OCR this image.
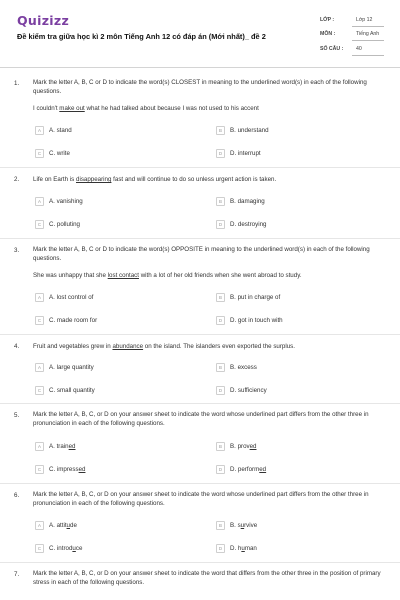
Quizizz
Đề kiểm tra giữa học kì 2 môn Tiếng Anh 12 có đáp án (Mới nhất)_ đề 2
LỚP :	Lớp 12
MÔN :	Tiếng Anh
SỐ CÂU : 40
1. Mark the letter A, B, C or D to indicate the word(s) CLOSEST in meaning to the underlined word(s) in each of the following questions.
I couldn't make out what he had talked about because I was not used to his accent
A	A. stand	B	B. understand
C	C. write	D	D. interrupt
2. Life on Earth is disappearing fast and will continue to do so unless urgent action is taken.
A	A. vanishing	B	B. damaging
C	C. polluting	D	D. destroying
3. Mark the letter A, B, C or D to indicate the word(s) OPPOSITE in meaning to the underlined word(s) in each of the following questions.
She was unhappy that she lost contact with a lot of her old friends when she went abroad to study.
A	A. lost control of	B	B. put in charge of
C	C. made room for	D	D. got in touch with
4. Fruit and vegetables grew in abundance on the island. The islanders even exported the surplus.
A	A. large quantity	B	B. excess
C	C. small quantity	D	D. sufficiency
5. Mark the letter A, B, C, or D on your answer sheet to indicate the word whose underlined part differs from the other three in pronunciation in each of the following questions.
A	A. trained	B	B. proved
C	C. impressed	D	D. performed
6. Mark the letter A, B, C, or D on your answer sheet to indicate the word whose underlined part differs from the other three in pronunciation in each of the following questions.
A	A. attitude	B	B. survive
C	C. introduce	D	D. human
7. Mark the letter A, B, C, or D on your answer sheet to indicate the word that differs from the other three in the position of primary stress in each of the following questions.
